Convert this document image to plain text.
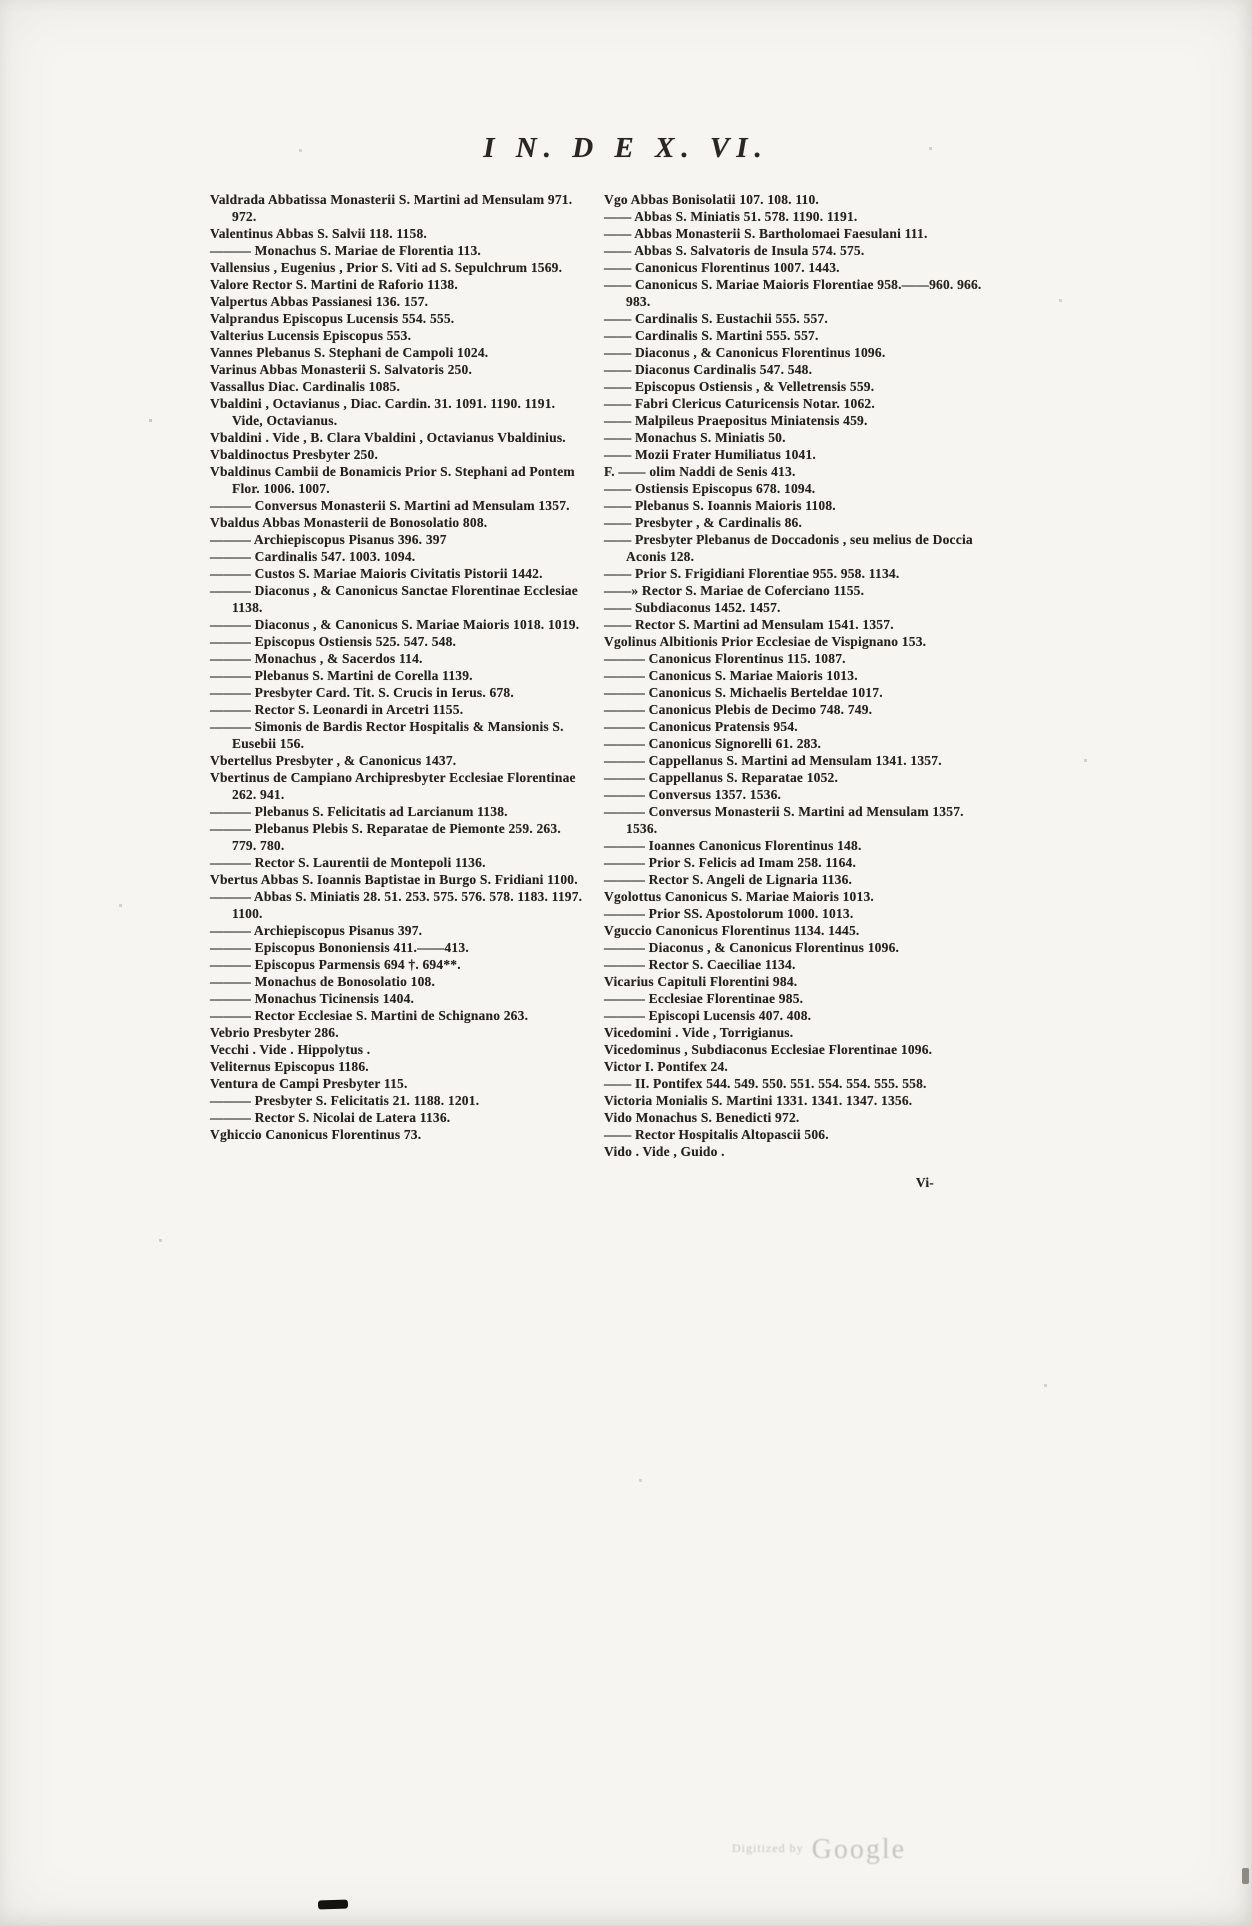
I N. D E X. VI.

Valdrada Abbatissa Monasterii S. Martini ad Mensulam 971. 972.

Valentinus Abbas S. Salvii 118. 1158.

——— Monachus S. Mariae de Florentia 113.

Vallensius , Eugenius , Prior S. Viti ad S. Sepulchrum 1569.

Valore Rector S. Martini de Raforio 1138.

Valpertus Abbas Passianesi 136. 157.

Valprandus Episcopus Lucensis 554. 555.

Valterius Lucensis Episcopus 553.

Vannes Plebanus S. Stephani de Campoli 1024.

Varinus Abbas Monasterii S. Salvatoris 250.

Vassallus Diac. Cardinalis 1085.

Vbaldini , Octavianus , Diac. Cardin. 31. 1091. 1190. 1191. Vide, Octavianus.

Vbaldini . Vide , B. Clara Vbaldini , Octavianus Vbaldinius.

Vbaldinoctus Presbyter 250.

Vbaldinus Cambii de Bonamicis Prior S. Stephani ad Pontem Flor. 1006. 1007.

——— Conversus Monasterii S. Martini ad Mensulam 1357.

Vbaldus Abbas Monasterii de Bonosolatio 808.

——— Archiepiscopus Pisanus 396. 397

——— Cardinalis 547. 1003. 1094.

——— Custos S. Mariae Maioris Civitatis Pistorii 1442.

——— Diaconus , & Canonicus Sanctae Florentinae Ecclesiae 1138.

——— Diaconus , & Canonicus S. Mariae Maioris 1018. 1019.

——— Episcopus Ostiensis 525. 547. 548.

——— Monachus , & Sacerdos 114.

——— Plebanus S. Martini de Corella 1139.

——— Presbyter Card. Tit. S. Crucis in Ierus. 678.

——— Rector S. Leonardi in Arcetri 1155.

——— Simonis de Bardis Rector Hospitalis & Mansionis S. Eusebii 156.

Vbertellus Presbyter , & Canonicus 1437.

Vbertinus de Campiano Archipresbyter Ecclesiae Florentinae 262. 941.

——— Plebanus S. Felicitatis ad Larcianum 1138.

——— Plebanus Plebis S. Reparatae de Piemonte 259. 263. 779. 780.

——— Rector S. Laurentii de Montepoli 1136.

Vbertus Abbas S. Ioannis Baptistae in Burgo S. Fridiani 1100.

——— Abbas S. Miniatis 28. 51. 253. 575. 576. 578. 1183. 1197. 1100.

——— Archiepiscopus Pisanus 397.

——— Episcopus Bononiensis 411.——413.

——— Episcopus Parmensis 694 †. 694**.

——— Monachus de Bonosolatio 108.

——— Monachus Ticinensis 1404.

——— Rector Ecclesiae S. Martini de Schignano 263.

Vebrio Presbyter 286.

Vecchi . Vide . Hippolytus .

Veliternus Episcopus 1186.

Ventura de Campi Presbyter 115.

——— Presbyter S. Felicitatis 21. 1188. 1201.

——— Rector S. Nicolai de Latera 1136.

Vghiccio Canonicus Florentinus 73.

Vgo Abbas Bonisolatii 107. 108. 110.

—— Abbas S. Miniatis 51. 578. 1190. 1191.

—— Abbas Monasterii S. Bartholomaei Faesulani 111.

—— Abbas S. Salvatoris de Insula 574. 575.

—— Canonicus Florentinus 1007. 1443.

—— Canonicus S. Mariae Maioris Florentiae 958.——960. 966. 983.

—— Cardinalis S. Eustachii 555. 557.

—— Cardinalis S. Martini 555. 557.

—— Diaconus , & Canonicus Florentinus 1096.

—— Diaconus Cardinalis 547. 548.

—— Episcopus Ostiensis , & Velletrensis 559.

—— Fabri Clericus Caturicensis Notar. 1062.

—— Malpileus Praepositus Miniatensis 459.

—— Monachus S. Miniatis 50.

—— Mozii Frater Humiliatus 1041.

F. —— olim Naddi de Senis 413.

—— Ostiensis Episcopus 678. 1094.

—— Plebanus S. Ioannis Maioris 1108.

—— Presbyter , & Cardinalis 86.

—— Presbyter Plebanus de Doccadonis , seu melius de Doccia Aconis 128.

—— Prior S. Frigidiani Florentiae 955. 958. 1134.

——» Rector S. Mariae de Coferciano 1155.

—— Subdiaconus 1452. 1457.

—— Rector S. Martini ad Mensulam 1541. 1357.

Vgolinus Albitionis Prior Ecclesiae de Vispignano 153.

——— Canonicus Florentinus 115. 1087.

——— Canonicus S. Mariae Maioris 1013.

——— Canonicus S. Michaelis Berteldae 1017.

——— Canonicus Plebis de Decimo 748. 749.

——— Canonicus Pratensis 954.

——— Canonicus Signorelli 61. 283.

——— Cappellanus S. Martini ad Mensulam 1341. 1357.

——— Cappellanus S. Reparatae 1052.

——— Conversus 1357. 1536.

——— Conversus Monasterii S. Martini ad Mensulam 1357. 1536.

——— Ioannes Canonicus Florentinus 148.

——— Prior S. Felicis ad Imam 258. 1164.

——— Rector S. Angeli de Lignaria 1136.

Vgolottus Canonicus S. Mariae Maioris 1013.

——— Prior SS. Apostolorum 1000. 1013.

Vguccio Canonicus Florentinus 1134. 1445.

——— Diaconus , & Canonicus Florentinus 1096.

——— Rector S. Caeciliae 1134.

Vicarius Capituli Florentini 984.

——— Ecclesiae Florentinae 985.

——— Episcopi Lucensis 407. 408.

Vicedomini . Vide , Torrigianus.

Vicedominus , Subdiaconus Ecclesiae Florentinae 1096.

Victor I. Pontifex 24.

—— II. Pontifex 544. 549. 550. 551. 554. 554. 555. 558.

Victoria Monialis S. Martini 1331. 1341. 1347. 1356.

Vido Monachus S. Benedicti 972.

—— Rector Hospitalis Altopascii 506.

Vido . Vide , Guido .

Vi-
$^{Digitized by}$ Google
